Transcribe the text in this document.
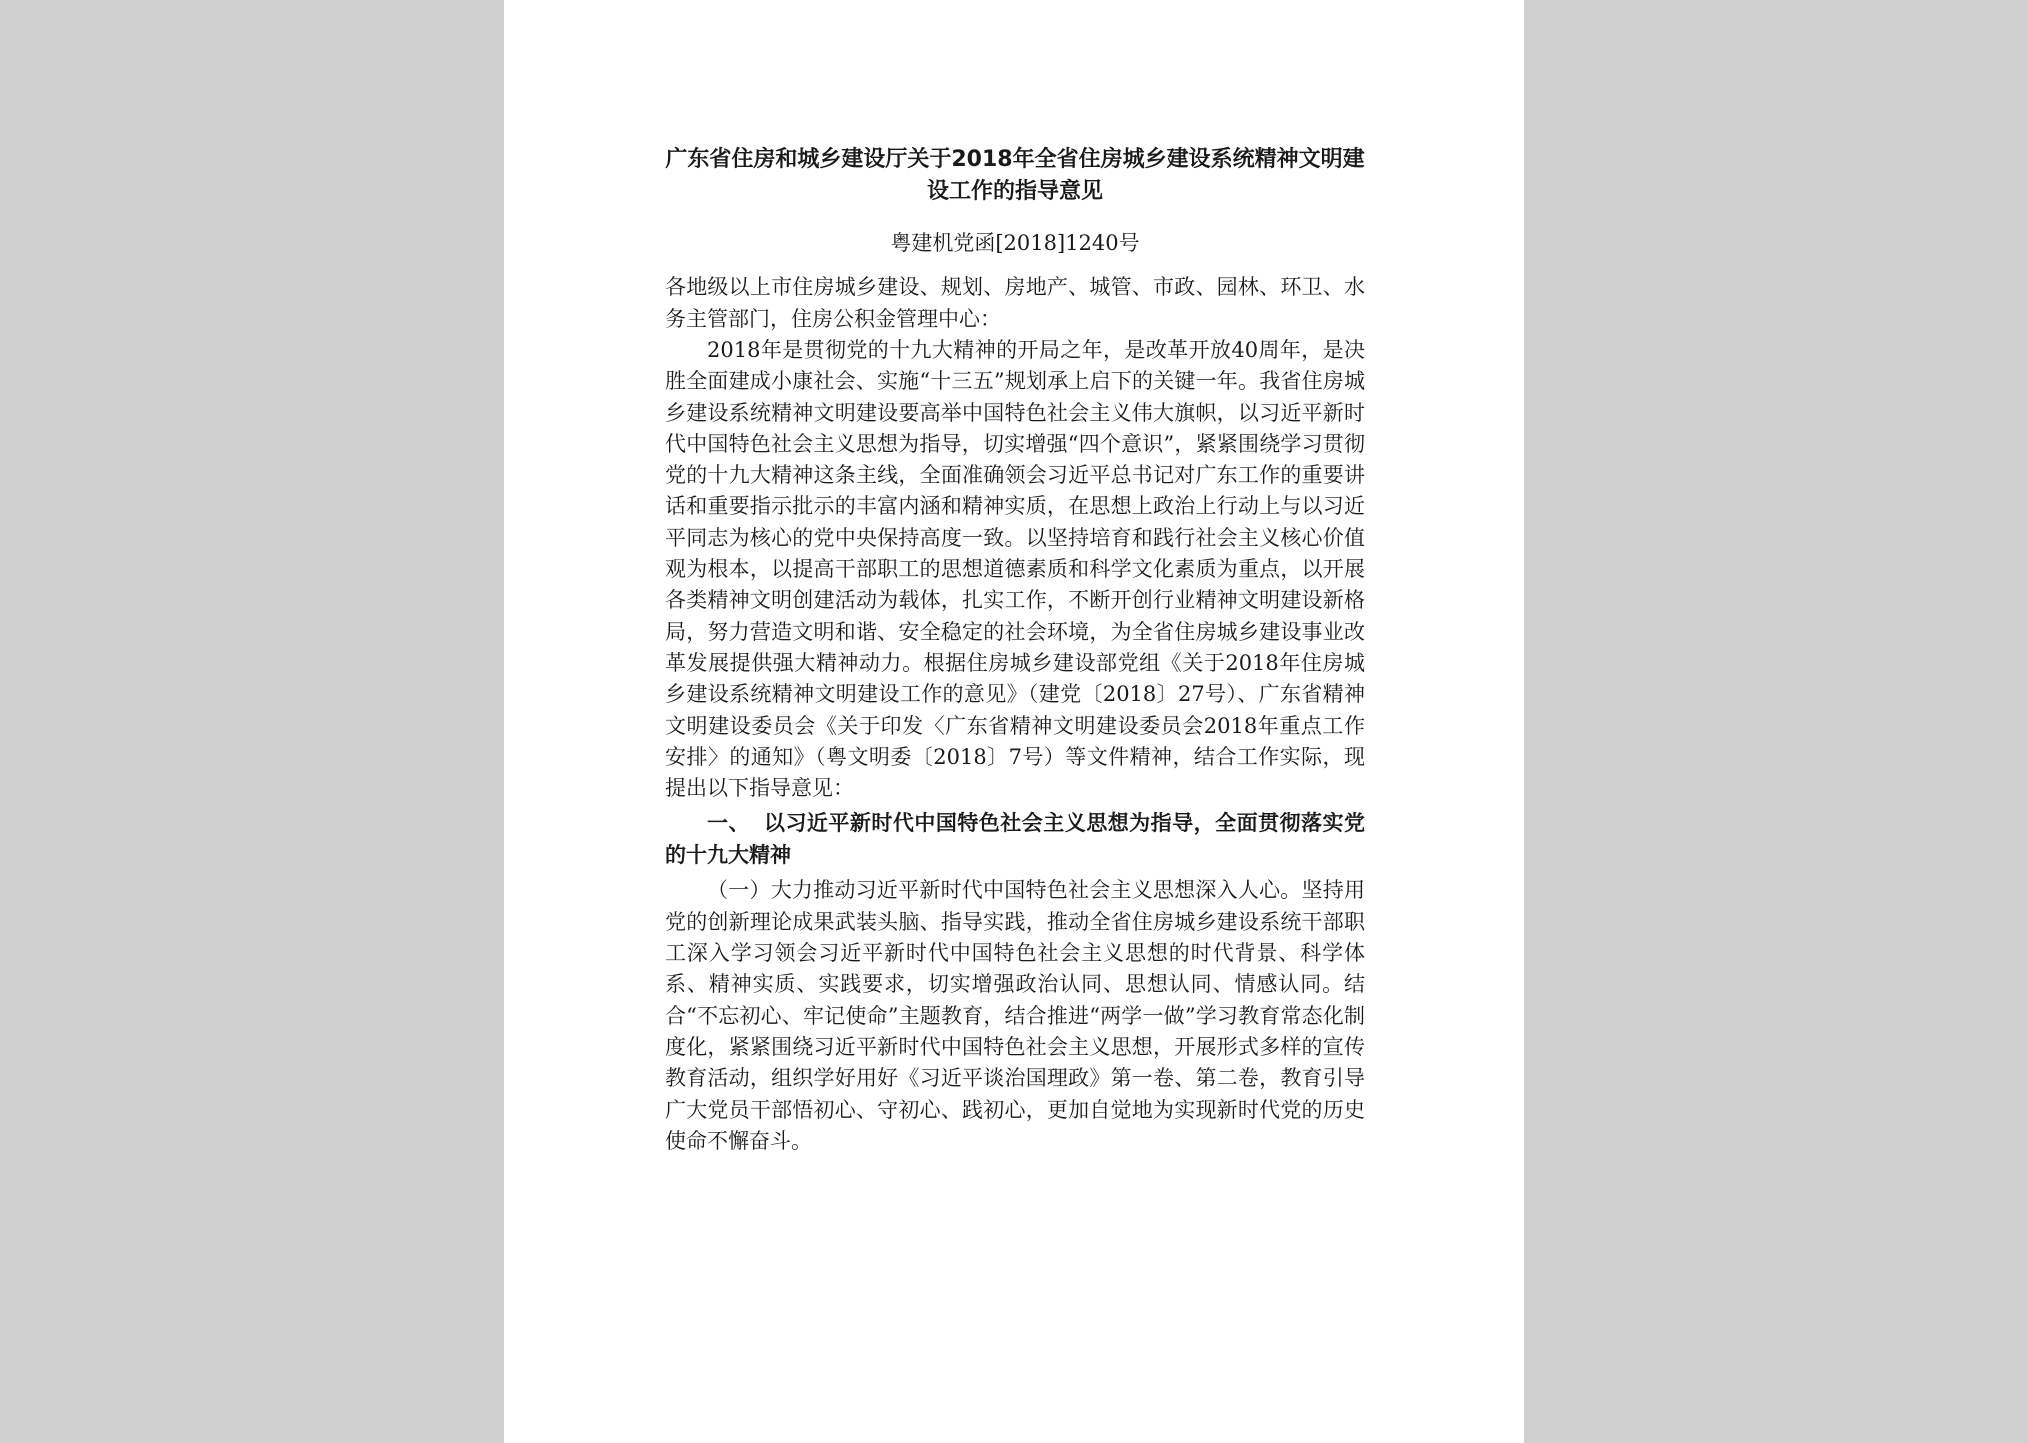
广东省住房和城乡建设厅关于2018年全省住房城乡建设系统精神文明建设工作的指导意见

粤建机党函[2018]1240号

各地级以上市住房城乡建设、规划、房地产、城管、市政、园林、环卫、水务主管部门，住房公积金管理中心：

2018年是贯彻党的十九大精神的开局之年，是改革开放40周年，是决胜全面建成小康社会、实施“十三五”规划承上启下的关键一年。我省住房城乡建设系统精神文明建设要高举中国特色社会主义伟大旗帜，以习近平新时代中国特色社会主义思想为指导，切实增强“四个意识”，紧紧围绕学习贯彻党的十九大精神这条主线，全面准确领会习近平总书记对广东工作的重要讲话和重要指示批示的丰富内涵和精神实质，在思想上政治上行动上与以习近平同志为核心的党中央保持高度一致。以坚持培育和践行社会主义核心价值观为根本，以提高干部职工的思想道德素质和科学文化素质为重点，以开展各类精神文明创建活动为载体，扎实工作，不断开创行业精神文明建设新格局，努力营造文明和谐、安全稳定的社会环境，为全省住房城乡建设事业改革发展提供强大精神动力。根据住房城乡建设部党组《关于2018年住房城乡建设系统精神文明建设工作的意见》（建党〔2018〕27号）、广东省精神文明建设委员会《关于印发〈广东省精神文明建设委员会2018年重点工作安排〉的通知》（粤文明委〔2018〕7号）等文件精神，结合工作实际，现提出以下指导意见：

一、 以习近平新时代中国特色社会主义思想为指导，全面贯彻落实党的十九大精神

（一）大力推动习近平新时代中国特色社会主义思想深入人心。坚持用党的创新理论成果武装头脑、指导实践，推动全省住房城乡建设系统干部职工深入学习领会习近平新时代中国特色社会主义思想的时代背景、科学体系、精神实质、实践要求，切实增强政治认同、思想认同、情感认同。结合“不忘初心、牢记使命”主题教育，结合推进“两学一做”学习教育常态化制度化，紧紧围绕习近平新时代中国特色社会主义思想，开展形式多样的宣传教育活动，组织学好用好《习近平谈治国理政》第一卷、第二卷，教育引导广大党员干部悟初心、守初心、践初心，更加自觉地为实现新时代党的历史使命不懈奋斗。
